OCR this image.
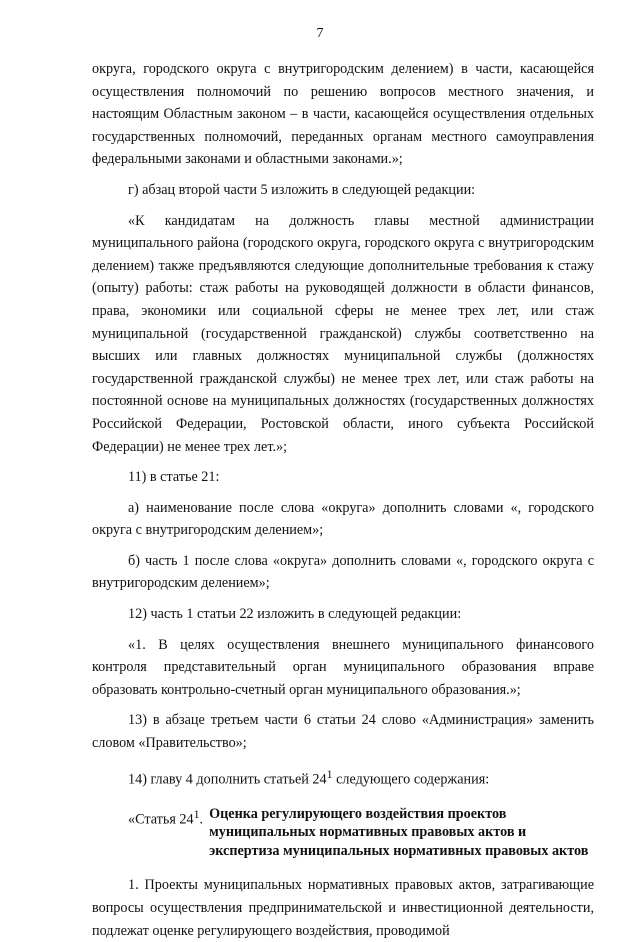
7

округа, городского округа с внутригородским делением) в части, касающейся осуществления полномочий по решению вопросов местного значения, и настоящим Областным законом – в части, касающейся осуществления отдельных государственных полномочий, переданных органам местного самоуправления федеральными законами и областными законами.»;

г) абзац второй части 5 изложить в следующей редакции:

«К кандидатам на должность главы местной администрации муниципального района (городского округа, городского округа с внутригородским делением) также предъявляются следующие дополнительные требования к стажу (опыту) работы: стаж работы на руководящей должности в области финансов, права, экономики или социальной сферы не менее трех лет, или стаж муниципальной (государственной гражданской) службы соответственно на высших или главных должностях муниципальной службы (должностях государственной гражданской службы) не менее трех лет, или стаж работы на постоянной основе на муниципальных должностях (государственных должностях Российской Федерации, Ростовской области, иного субъекта Российской Федерации) не менее трех лет.»;

11) в статье 21:

а) наименование после слова «округа» дополнить словами «, городского округа с внутригородским делением»;

б) часть 1 после слова «округа» дополнить словами «, городского округа с внутригородским делением»;

12) часть 1 статьи 22 изложить в следующей редакции:

«1. В целях осуществления внешнего муниципального финансового контроля представительный орган муниципального образования вправе образовать контрольно-счетный орган муниципального образования.»;

13) в абзаце третьем части 6 статьи 24 слово «Администрация» заменить словом «Правительство»;

14) главу 4 дополнить статьей $24^1$ следующего содержания:

«Статья $24^1$. Оценка регулирующего воздействия проектов муниципальных нормативных правовых актов и экспертиза муниципальных нормативных правовых актов

1. Проекты муниципальных нормативных правовых актов, затрагивающие вопросы осуществления предпринимательской и инвестиционной деятельности, подлежат оценке регулирующего воздействия, проводимой
